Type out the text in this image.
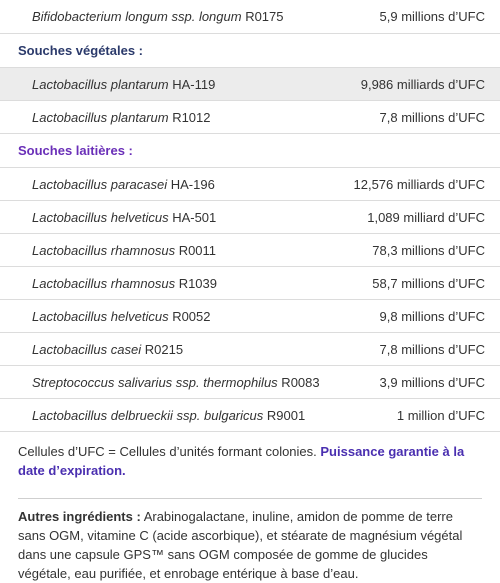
Bifidobacterium longum ssp. longum R0175	5,9 millions d’UFC
Souches végétales :
Lactobacillus plantarum HA-119	9,986 milliards d’UFC
Lactobacillus plantarum R1012	7,8 millions d’UFC
Souches laitières :
Lactobacillus paracasei HA-196	12,576 milliards d’UFC
Lactobacillus helveticus HA-501	1,089 milliard d’UFC
Lactobacillus rhamnosus R0011	78,3 millions d’UFC
Lactobacillus rhamnosus R1039	58,7 millions d’UFC
Lactobacillus helveticus R0052	9,8 millions d’UFC
Lactobacillus casei R0215	7,8 millions d’UFC
Streptococcus salivarius ssp. thermophilus R0083	3,9 millions d’UFC
Lactobacillus delbrueckii ssp. bulgaricus R9001	1 million d’UFC
Cellules d’UFC = Cellules d’unités formant colonies. Puissance garantie à la date d’expiration.
Autres ingrédients : Arabinogalactane, inuline, amidon de pomme de terre sans OGM, vitamine C (acide ascorbique), et stéarate de magnésium végétal dans une capsule GPS™ sans OGM composée de gomme de glucides végétale, eau purifiée, et enrobage entérique à base d’eau.
